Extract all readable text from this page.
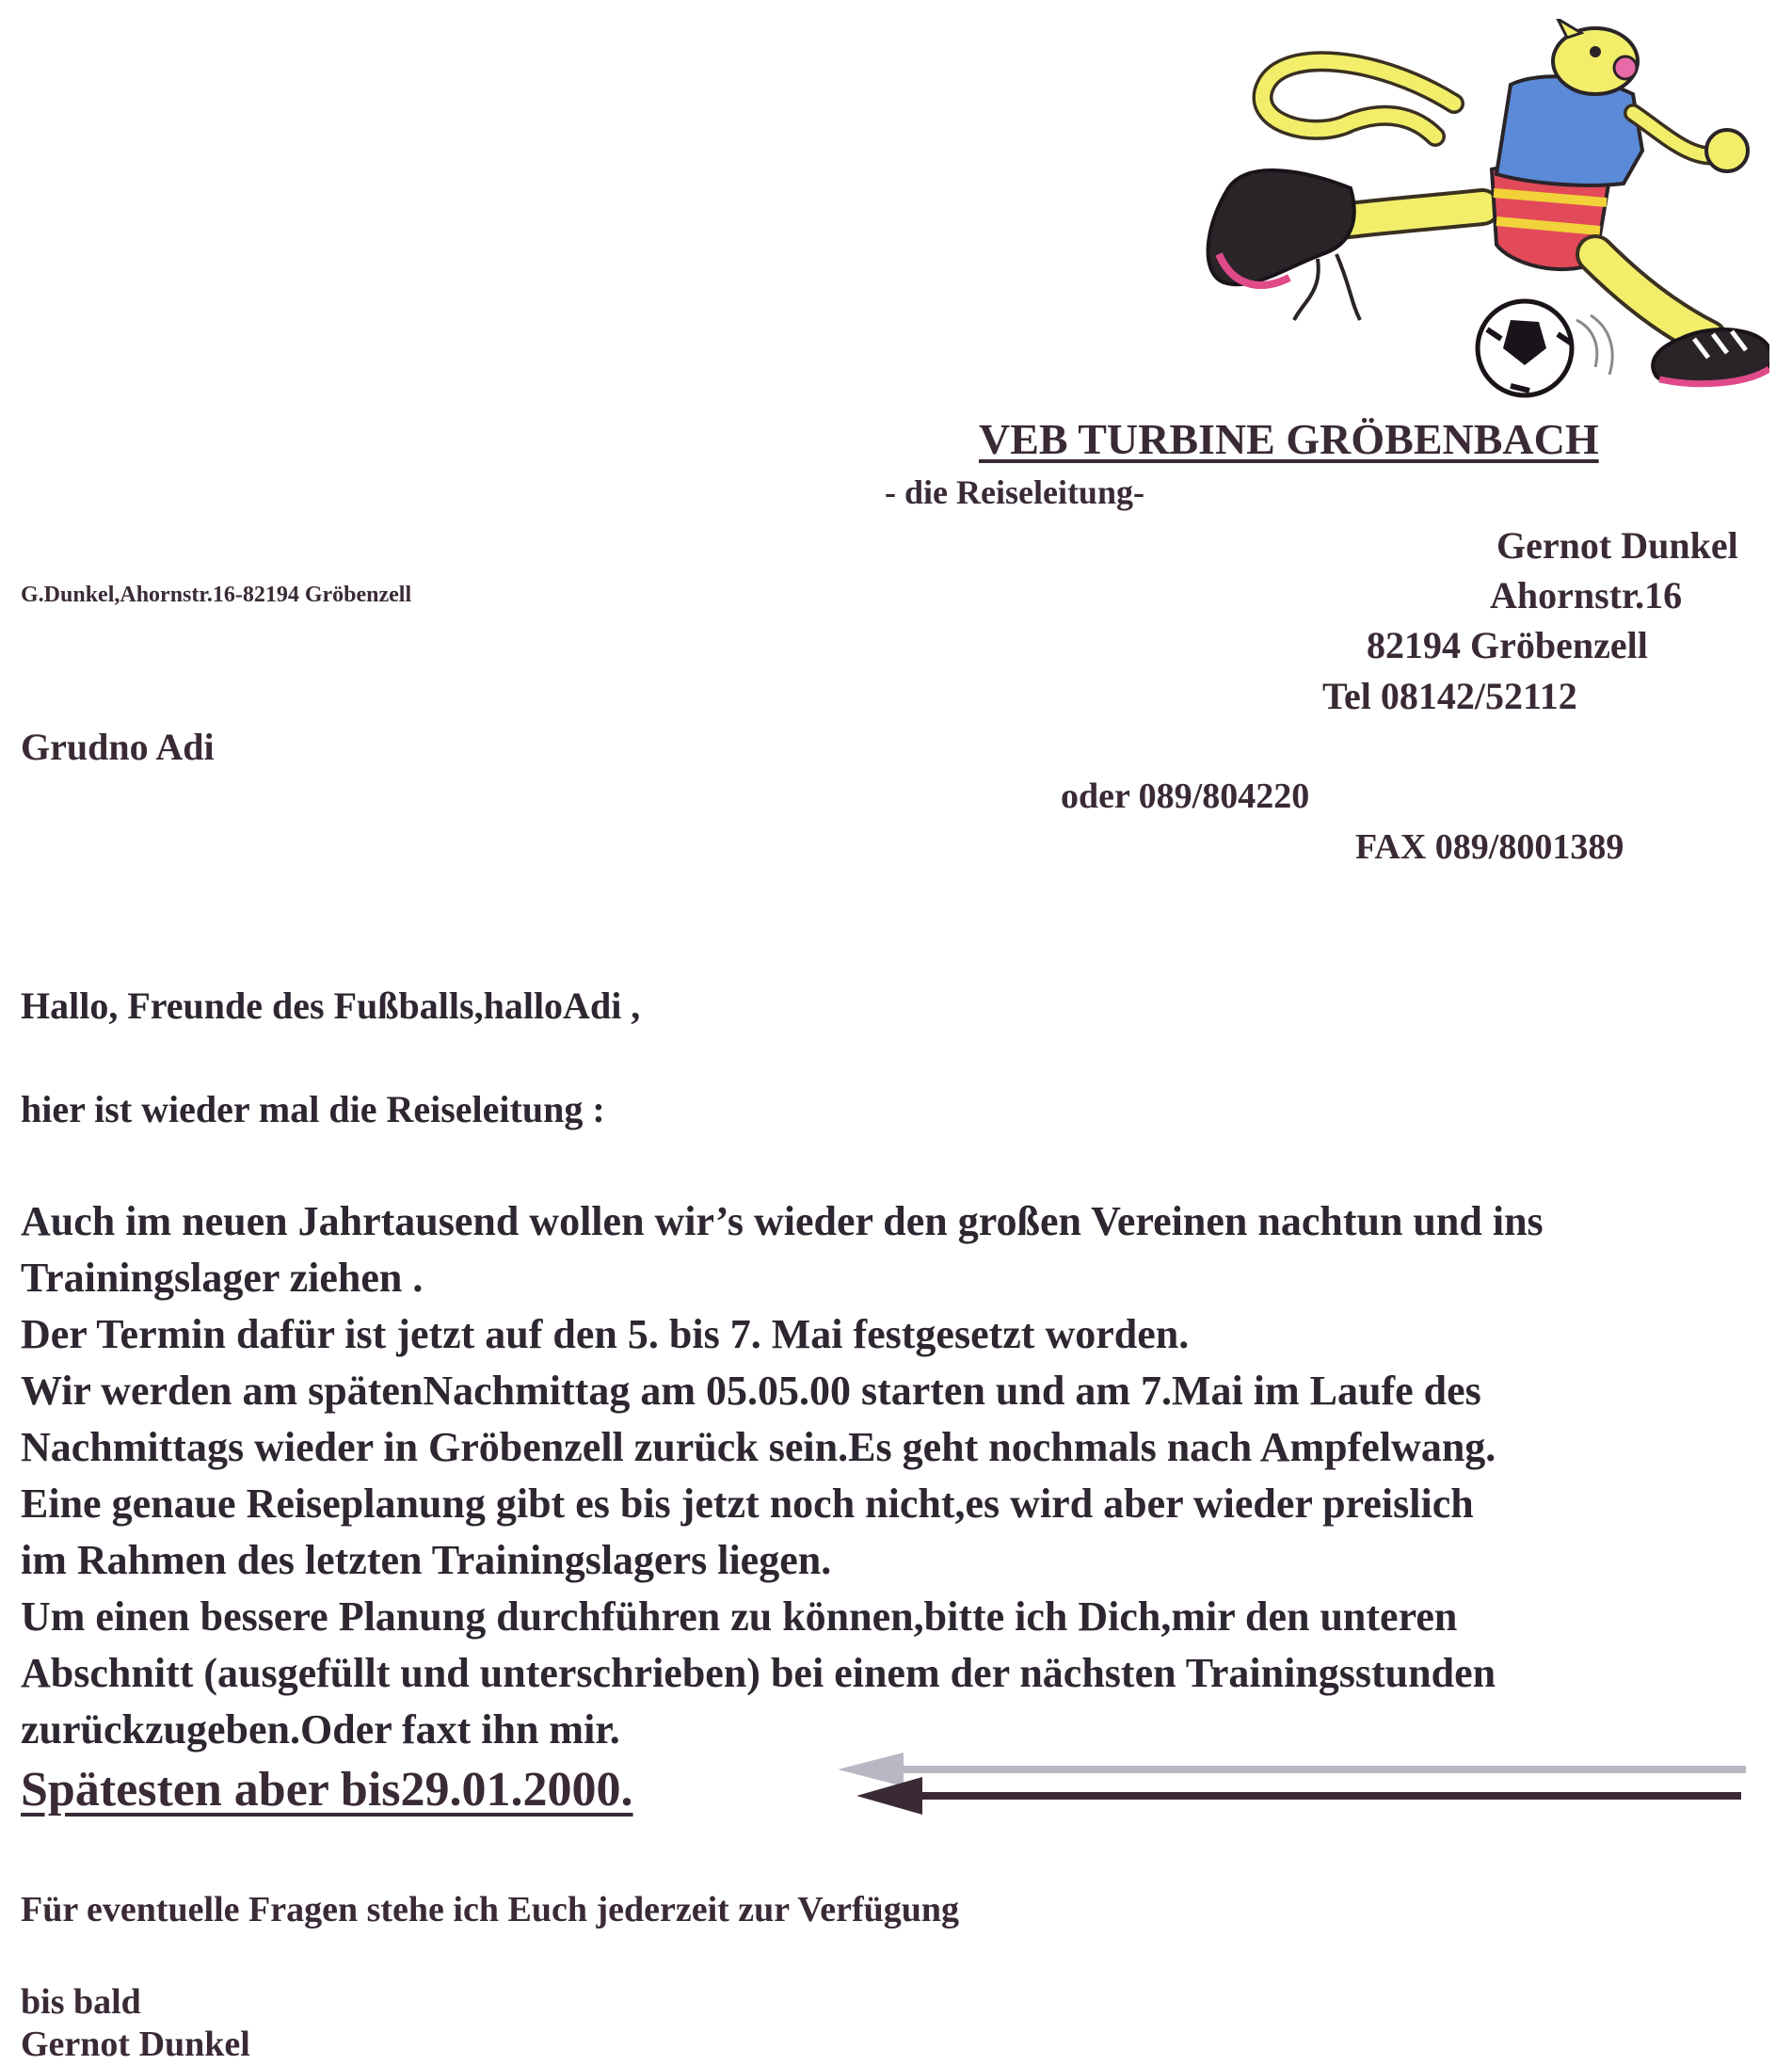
VEB TURBINE GRÖBENBACH
- die Reiseleitung-
Gernot Dunkel
Ahornstr.16
82194 Gröbenzell
Tel 08142/52112
oder 089/804220
FAX 089/8001389
G.Dunkel,Ahornstr.16-82194 Gröbenzell
Grudno Adi
Hallo, Freunde des Fußballs,halloAdi ,
hier ist wieder mal die Reiseleitung :
Auch im neuen Jahrtausend wollen wir’s wieder den großen Vereinen nachtun und ins
Trainingslager ziehen .
Der Termin dafür ist jetzt auf den 5. bis 7. Mai festgesetzt worden.
Wir werden am spätenNachmittag am 05.05.00 starten und am 7.Mai im Laufe des
Nachmittags wieder in Gröbenzell zurück sein.Es geht nochmals nach Ampfelwang.
Eine genaue Reiseplanung gibt es bis jetzt noch nicht,es wird aber wieder preislich
im Rahmen des letzten Trainingslagers liegen.
Um einen bessere Planung durchführen zu können,bitte ich Dich,mir den unteren
Abschnitt (ausgefüllt und unterschrieben) bei einem der nächsten Trainingsstunden
zurückzugeben.Oder faxt ihn mir.
Spätesten aber bis29.01.2000.
Für eventuelle Fragen stehe ich Euch jederzeit zur Verfügung
bis bald
Gernot Dunkel
